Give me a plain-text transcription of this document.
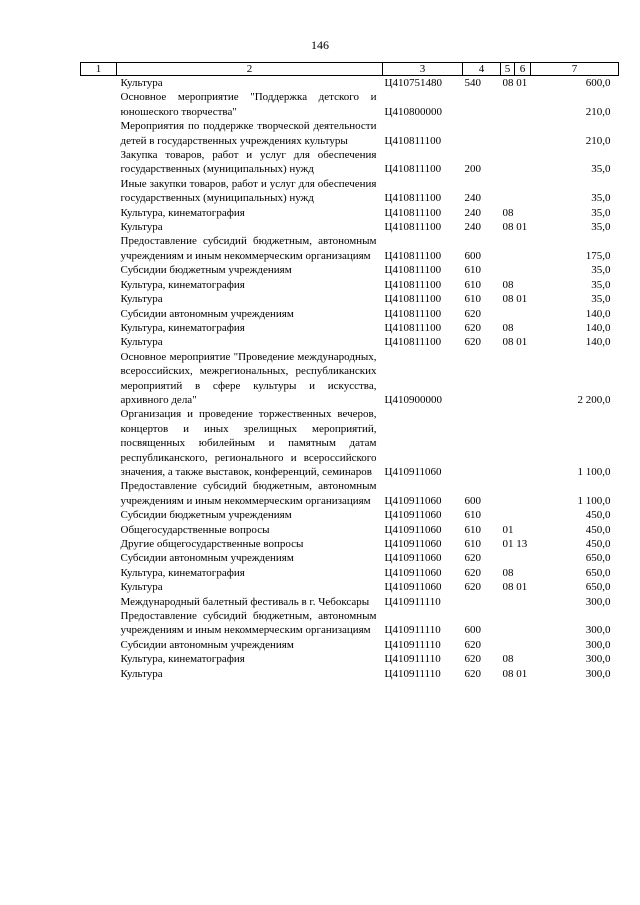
146
1	2	3	4	5	6	7
	Культура	Ц410751480	540	08 01		600,0
	Основное мероприятие "Поддержка детского и юношеского творчества"	Ц410800000				210,0
	Мероприятия по поддержке творческой деятельности детей в государственных учреждениях культуры	Ц410811100				210,0
	Закупка товаров, работ и услуг для обеспечения государственных (муниципальных) нужд	Ц410811100	200			35,0
	Иные закупки товаров, работ и услуг для обеспечения государственных (муниципальных) нужд	Ц410811100	240			35,0
	Культура, кинематография	Ц410811100	240	08		35,0
	Культура	Ц410811100	240	08 01		35,0
	Предоставление субсидий бюджетным, автономным учреждениям и иным некоммерческим организациям	Ц410811100	600			175,0
	Субсидии бюджетным учреждениям	Ц410811100	610			35,0
	Культура, кинематография	Ц410811100	610	08		35,0
	Культура	Ц410811100	610	08 01		35,0
	Субсидии автономным учреждениям	Ц410811100	620			140,0
	Культура, кинематография	Ц410811100	620	08		140,0
	Культура	Ц410811100	620	08 01		140,0
	Основное мероприятие "Проведение международных, всероссийских, межрегиональных, республиканских мероприятий в сфере культуры и искусства, архивного дела"	Ц410900000				2 200,0
	Организация и проведение торжественных вечеров, концертов и иных зрелищных мероприятий, посвященных юбилейным и памятным датам республиканского, регионального и всероссийского значения, а также выставок, конференций, семинаров	Ц410911060				1 100,0
	Предоставление субсидий бюджетным, автономным учреждениям и иным некоммерческим организациям	Ц410911060	600			1 100,0
	Субсидии бюджетным учреждениям	Ц410911060	610			450,0
	Общегосударственные вопросы	Ц410911060	610	01		450,0
	Другие общегосударственные вопросы	Ц410911060	610	01 13		450,0
	Субсидии автономным учреждениям	Ц410911060	620			650,0
	Культура, кинематография	Ц410911060	620	08		650,0
	Культура	Ц410911060	620	08 01		650,0
	Международный балетный фестиваль в г. Чебоксары	Ц410911110				300,0
	Предоставление субсидий бюджетным, автономным учреждениям и иным некоммерческим организациям	Ц410911110	600			300,0
	Субсидии автономным учреждениям	Ц410911110	620			300,0
	Культура, кинематография	Ц410911110	620	08		300,0
	Культура	Ц410911110	620	08 01		300,0
